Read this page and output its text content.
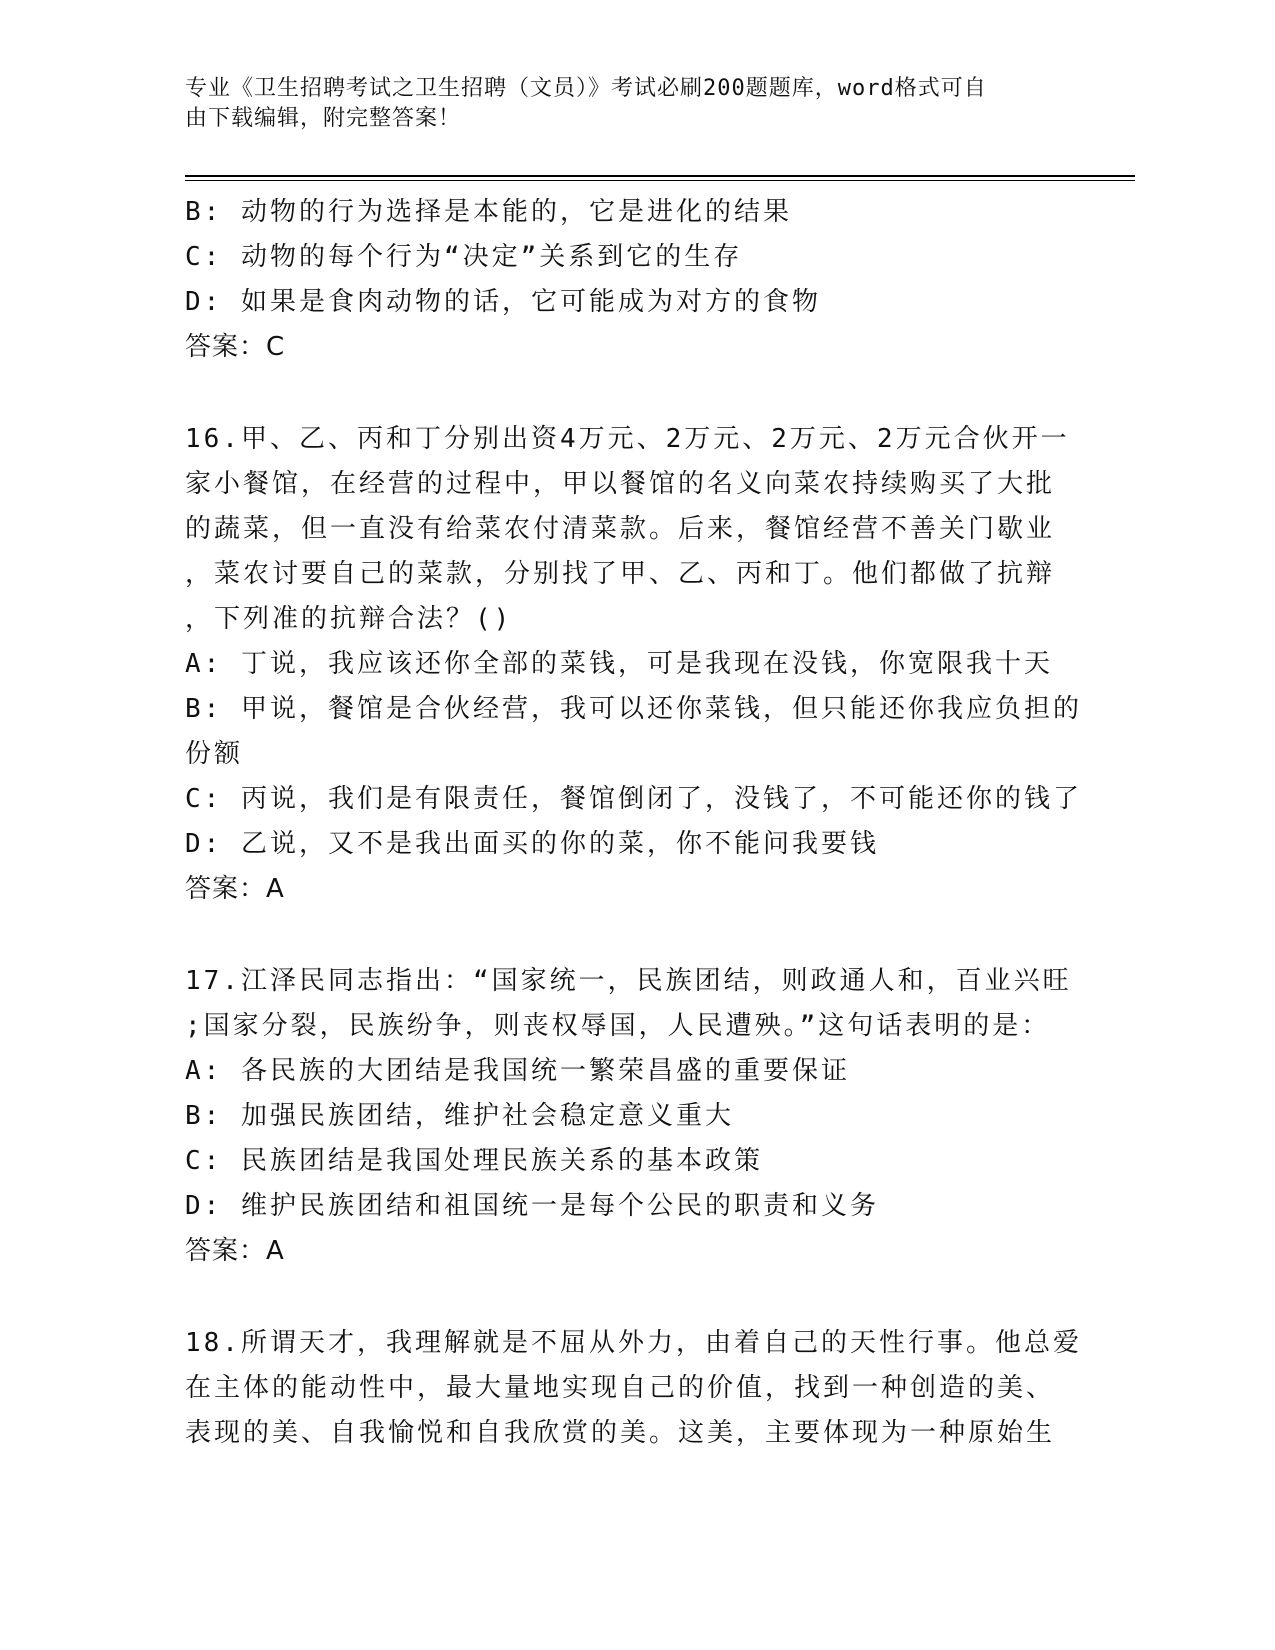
专业《卫生招聘考试之卫生招聘（文员）》考试必刷200题题库，word格式可自
由下载编辑，附完整答案！
B: 动物的行为选择是本能的，它是进化的结果
C: 动物的每个行为“决定”关系到它的生存
D: 如果是食肉动物的话，它可能成为对方的食物
答案：C
16.甲、乙、丙和丁分别出资4万元、2万元、2万元、2万元合伙开一
家小餐馆，在经营的过程中，甲以餐馆的名义向菜农持续购买了大批
的蔬菜，但一直没有给菜农付清菜款。后来，餐馆经营不善关门歇业
，菜农讨要自己的菜款，分别找了甲、乙、丙和丁。他们都做了抗辩
，下列准的抗辩合法？()
A: 丁说，我应该还你全部的菜钱，可是我现在没钱，你宽限我十天
B: 甲说，餐馆是合伙经营，我可以还你菜钱，但只能还你我应负担的
份额
C: 丙说，我们是有限责任，餐馆倒闭了，没钱了，不可能还你的钱了
D: 乙说，又不是我出面买的你的菜，你不能问我要钱
答案：A
17.江泽民同志指出：“国家统一，民族团结，则政通人和，百业兴旺
;国家分裂，民族纷争，则丧权辱国，人民遭殃。”这句话表明的是：
A: 各民族的大团结是我国统一繁荣昌盛的重要保证
B: 加强民族团结，维护社会稳定意义重大
C: 民族团结是我国处理民族关系的基本政策
D: 维护民族团结和祖国统一是每个公民的职责和义务
答案：A
18.所谓天才，我理解就是不屈从外力，由着自己的天性行事。他总爱
在主体的能动性中，最大量地实现自己的价值，找到一种创造的美、
表现的美、自我愉悦和自我欣赏的美。这美，主要体现为一种原始生
